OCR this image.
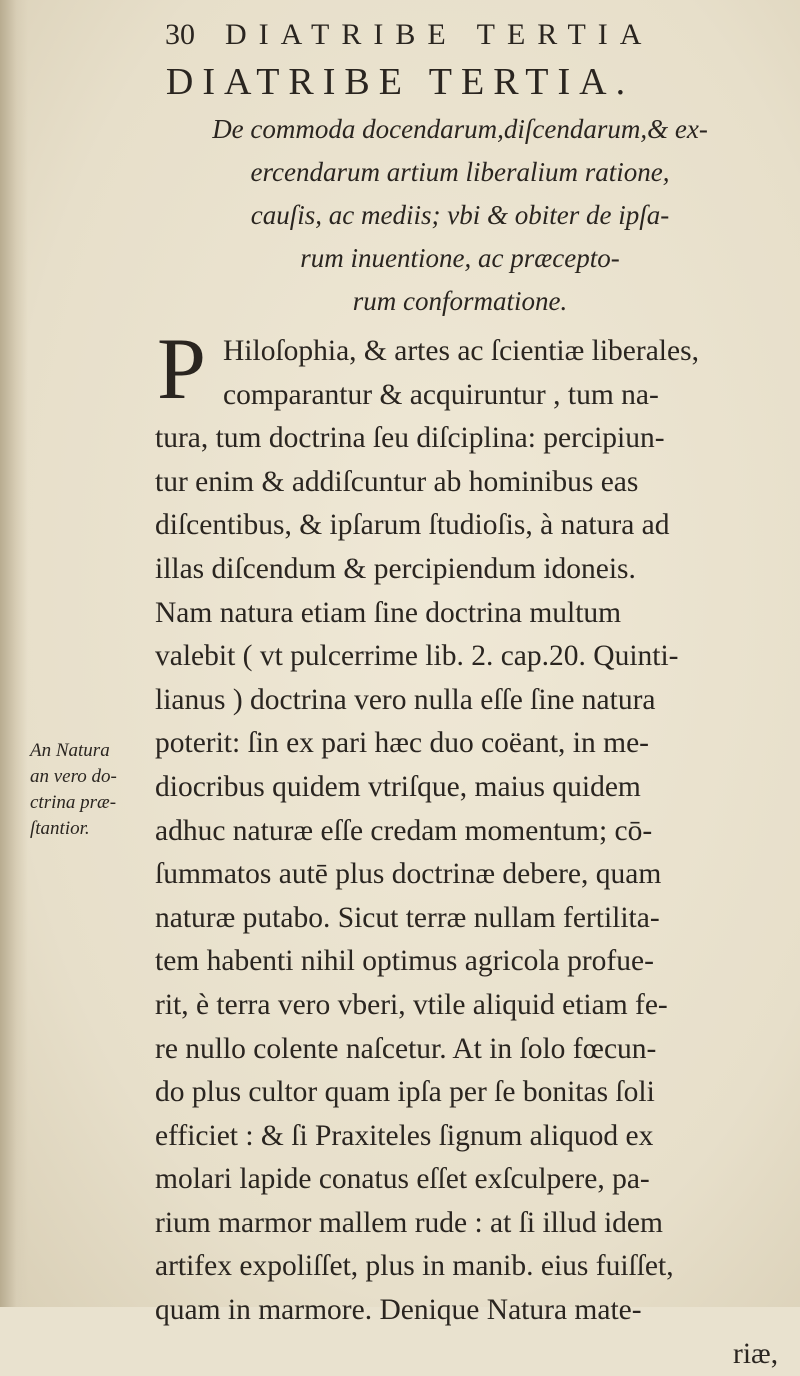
30 DIATRIBE TERTIA
DIATRIBE TERTIA.
De commoda docendarum,diſcendarum,& ex-
ercendarum artium liberalium ratione,
cauſis, ac mediis; vbi & obiter de ipſa-
rum inuentione, ac præcepto-
rum conformatione.
P Hiloſophia, & artes ac ſcientiæ liberales,
comparantur & acquiruntur , tum na-
tura, tum doctrina ſeu diſciplina: percipiun-
tur enim & addiſcuntur ab hominibus eas
diſcentibus, & ipſarum ſtudioſis, à natura ad
illas diſcendum & percipiendum idoneis.
Nam natura etiam ſine doctrina multum
valebit ( vt pulcerrime lib. 2. cap.20. Quinti-
lianus ) doctrina vero nulla eſſe ſine natura
poterit: ſin ex pari hæc duo coëant, in me-
diocribus quidem vtriſque, maius quidem
adhuc naturæ eſſe credam momentum; cō-
ſummatos autē plus doctrinæ debere, quam
naturæ putabo. Sicut terræ nullam fertilita-
tem habenti nihil optimus agricola profue-
rit, è terra vero vberi, vtile aliquid etiam fe-
re nullo colente naſcetur. At in ſolo fœcun-
do plus cultor quam ipſa per ſe bonitas ſoli
efficiet : & ſi Praxiteles ſignum aliquod ex
molari lapide conatus eſſet exſculpere, pa-
rium marmor mallem rude : at ſi illud idem
artifex expoliſſet, plus in manib. eius fuiſſet,
quam in marmore. Denique Natura mate-
riæ,
An Natura
an vero do-
ctrina præ-
ſtantior.
